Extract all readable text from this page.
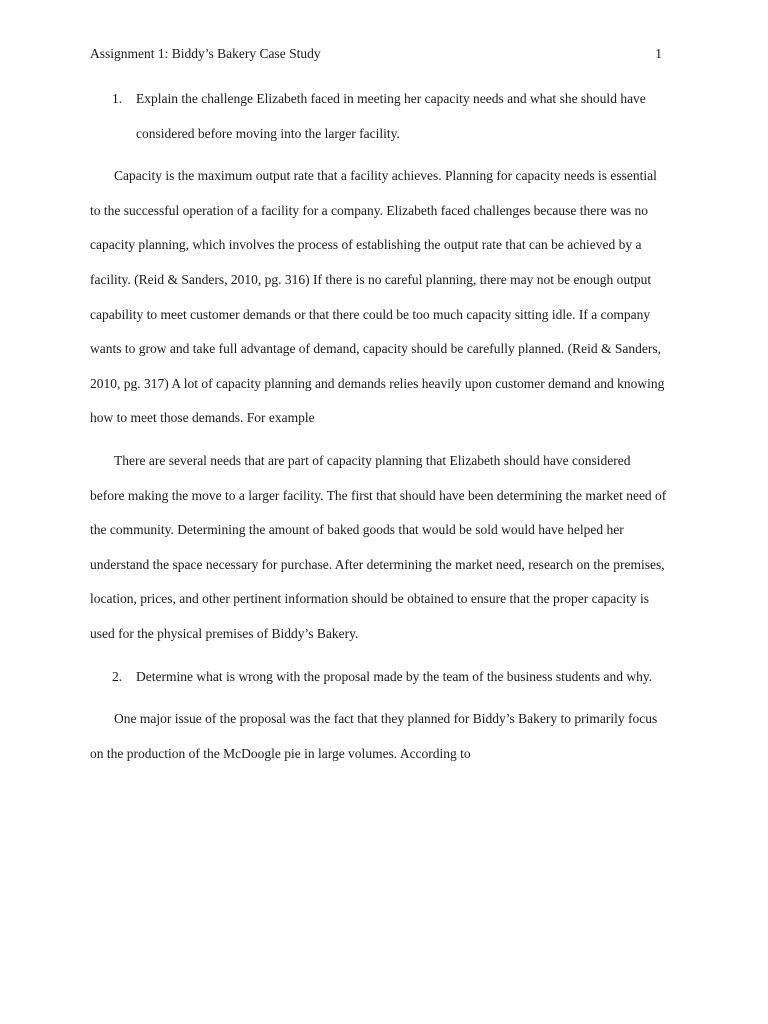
Assignment 1: Biddy’s Bakery Case Study	1
1. Explain the challenge Elizabeth faced in meeting her capacity needs and what she should have considered before moving into the larger facility.

Capacity is the maximum output rate that a facility achieves. Planning for capacity needs is essential to the successful operation of a facility for a company. Elizabeth faced challenges because there was no capacity planning, which involves the process of establishing the output rate that can be achieved by a facility. (Reid & Sanders, 2010, pg. 316) If there is no careful planning, there may not be enough output capability to meet customer demands or that there could be too much capacity sitting idle. If a company wants to grow and take full advantage of demand, capacity should be carefully planned. (Reid & Sanders, 2010, pg. 317) A lot of capacity planning and demands relies heavily upon customer demand and knowing how to meet those demands. For example

There are several needs that are part of capacity planning that Elizabeth should have considered before making the move to a larger facility. The first that should have been determining the market need of the community. Determining the amount of baked goods that would be sold would have helped her understand the space necessary for purchase. After determining the market need, research on the premises, location, prices, and other pertinent information should be obtained to ensure that the proper capacity is used for the physical premises of Biddy’s Bakery.

2. Determine what is wrong with the proposal made by the team of the business students and why.

One major issue of the proposal was the fact that they planned for Biddy’s Bakery to primarily focus on the production of the McDoogle pie in large volumes. According to
